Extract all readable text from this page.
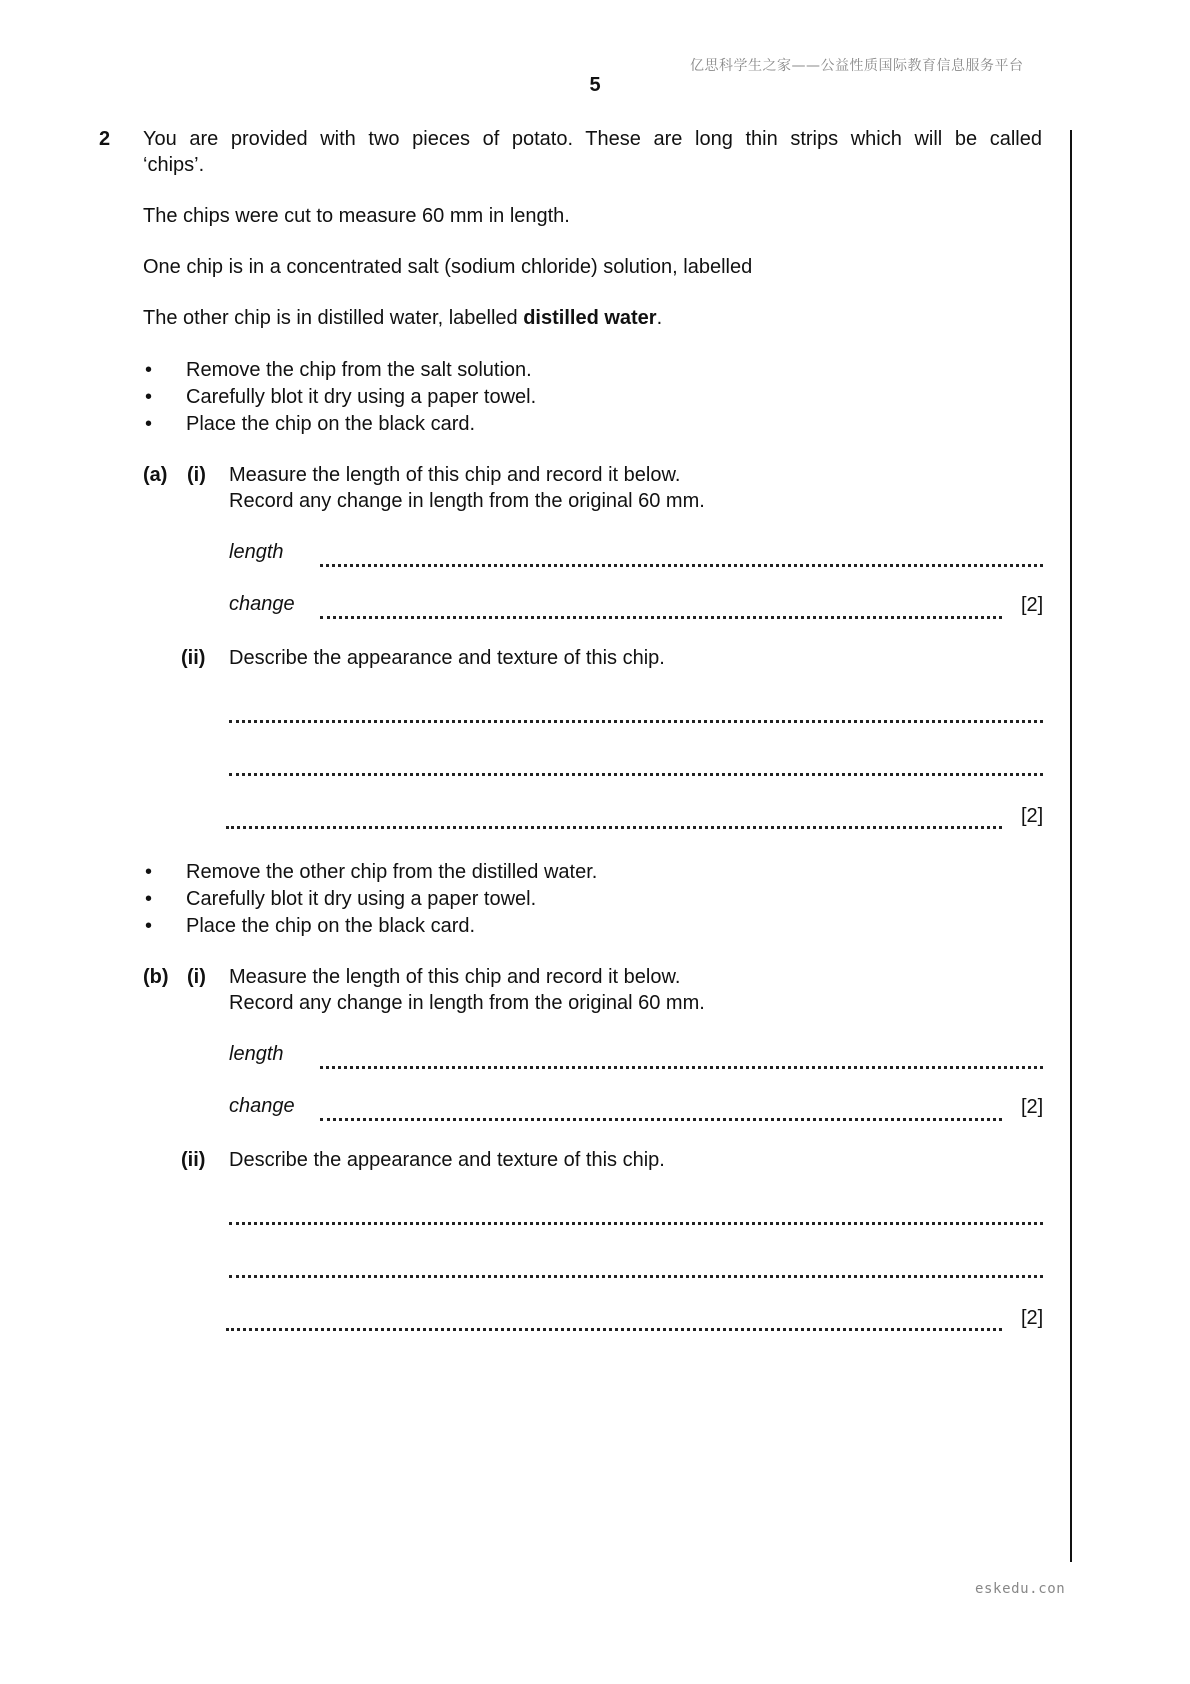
亿思科学生之家——公益性质国际教育信息服务平台
5
eskedu.con
2 You are provided with two pieces of potato. These are long thin strips which will be called
‘chips’.
The chips were cut to measure 60 mm in length.
One chip is in a concentrated salt (sodium chloride) solution, labelled
The other chip is in distilled water, labelled distilled water.
• Remove the chip from the salt solution.
• Carefully blot it dry using a paper towel.
• Place the chip on the black card.
(a) (i) Measure the length of this chip and record it below.
Record any change in length from the original 60 mm.
length
change	[2]
(ii) Describe the appearance and texture of this chip.
[2]
• Remove the other chip from the distilled water.
• Carefully blot it dry using a paper towel.
• Place the chip on the black card.
(b) (i) Measure the length of this chip and record it below.
Record any change in length from the original 60 mm.
length
change	[2]
(ii) Describe the appearance and texture of this chip.
[2]
